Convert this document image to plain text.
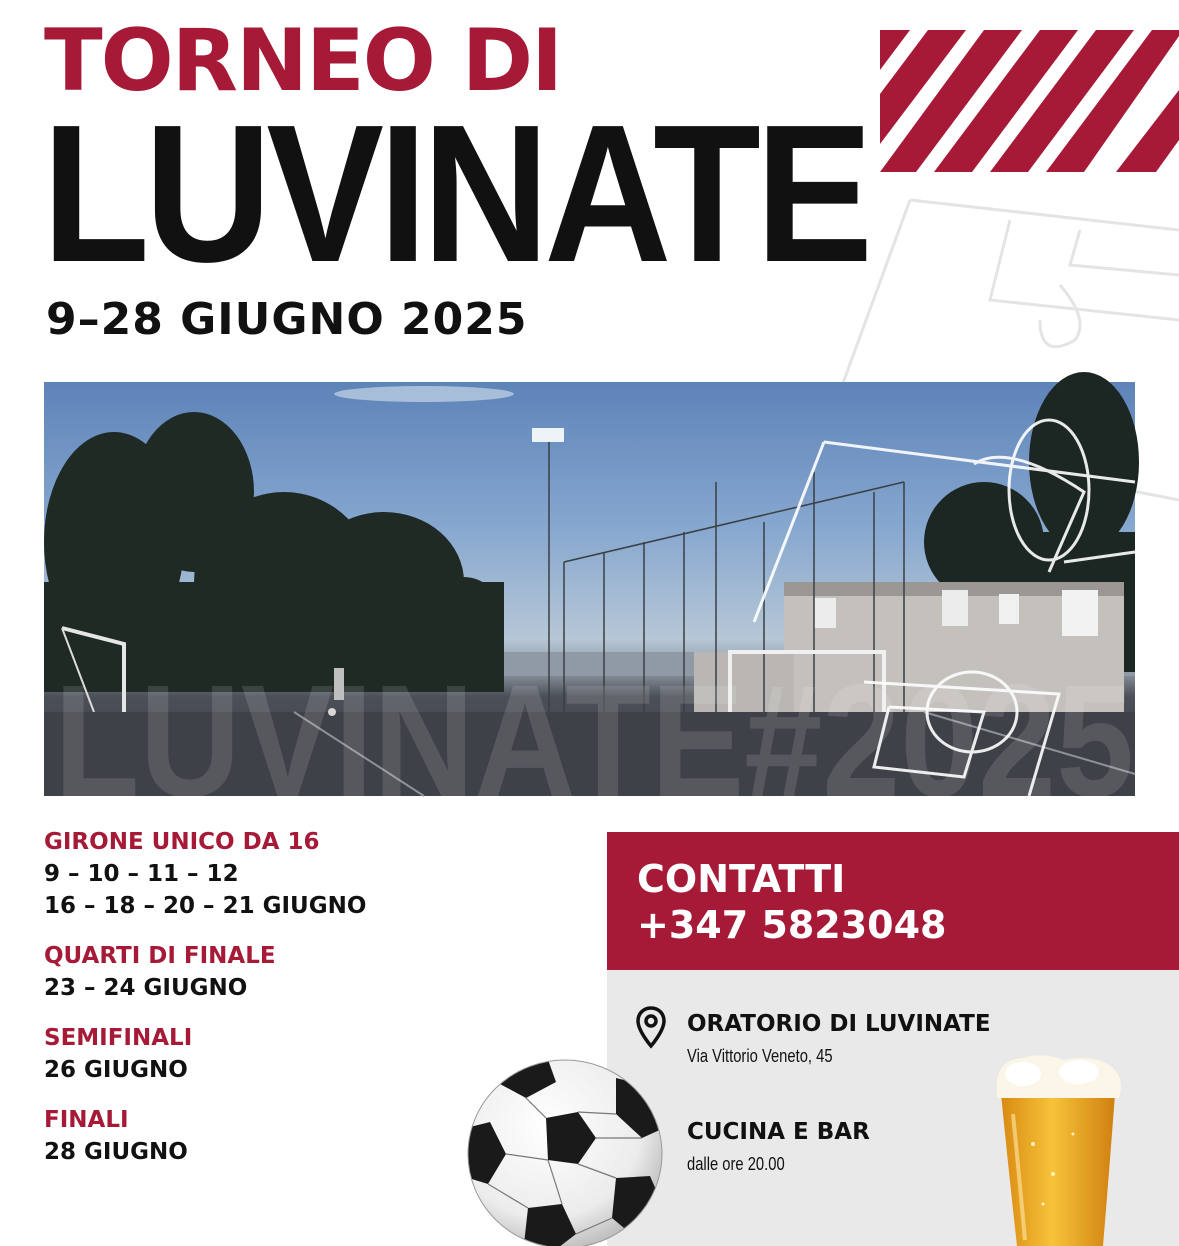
TORNEO DI
LUVINATE
9–28 GIUGNO 2025
LUVINATE#2025
GIRONE UNICO DA 16
9 – 10 – 11 – 12
16 – 18 – 20 – 21 GIUGNO
QUARTI DI FINALE
23 – 24 GIUGNO
SEMIFINALI
26 GIUGNO
FINALI
28 GIUGNO
CONTATTI
+347 5823048
ORATORIO DI LUVINATE
Via Vittorio Veneto, 45
CUCINA E BAR
dalle ore 20.00
